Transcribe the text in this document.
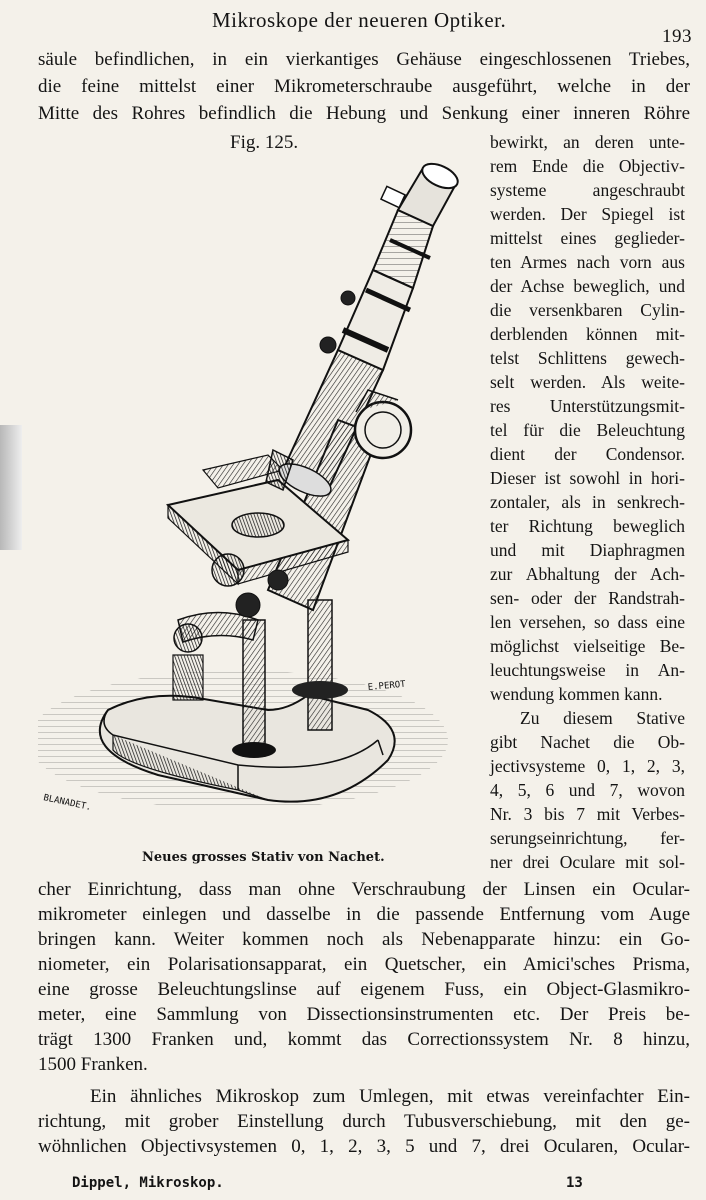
Mikroskope der neueren Optiker.
193
säule befindlichen, in ein vierkantiges Gehäuse eingeschlossenen Triebes,
die feine mittelst einer Mikrometerschraube ausgeführt, welche in der
Mitte des Rohres befindlich die Hebung und Senkung einer inneren Röhre
Fig. 125.
E.PEROT
BLANADET.
bewirkt, an deren unte-
rem Ende die Objectiv-
systeme angeschraubt
werden. Der Spiegel ist
mittelst eines geglieder-
ten Armes nach vorn aus
der Achse beweglich, und
die versenkbaren Cylin-
derblenden können mit-
telst Schlittens gewech-
selt werden. Als weite-
res Unterstützungsmit-
tel für die Beleuchtung
dient der Condensor.
Dieser ist sowohl in hori-
zontaler, als in senkrech-
ter Richtung beweglich
und mit Diaphragmen
zur Abhaltung der Ach-
sen- oder der Randstrah-
len versehen, so dass eine
möglichst vielseitige Be-
leuchtungsweise in An-
wendung kommen kann.
Zu diesem Stative
gibt Nachet die Ob-
jectivsysteme 0, 1, 2, 3,
4, 5, 6 und 7, wovon
Nr. 3 bis 7 mit Verbes-
serungseinrichtung, fer-
ner drei Oculare mit sol-
Neues grosses Stativ von Nachet.
cher Einrichtung, dass man ohne Verschraubung der Linsen ein Ocular-
mikrometer einlegen und dasselbe in die passende Entfernung vom Auge
bringen kann. Weiter kommen noch als Nebenapparate hinzu: ein Go-
niometer, ein Polarisationsapparat, ein Quetscher, ein Amici'sches Prisma,
eine grosse Beleuchtungslinse auf eigenem Fuss, ein Object-Glasmikro-
meter, eine Sammlung von Dissectionsinstrumenten etc. Der Preis be-
trägt 1300 Franken und, kommt das Correctionssystem Nr. 8 hinzu,
1500 Franken.
Ein ähnliches Mikroskop zum Umlegen, mit etwas vereinfachter Ein-
richtung, mit grober Einstellung durch Tubusverschiebung, mit den ge-
wöhnlichen Objectivsystemen 0, 1, 2, 3, 5 und 7, drei Ocularen, Ocular-
Dippel, Mikroskop.	13
